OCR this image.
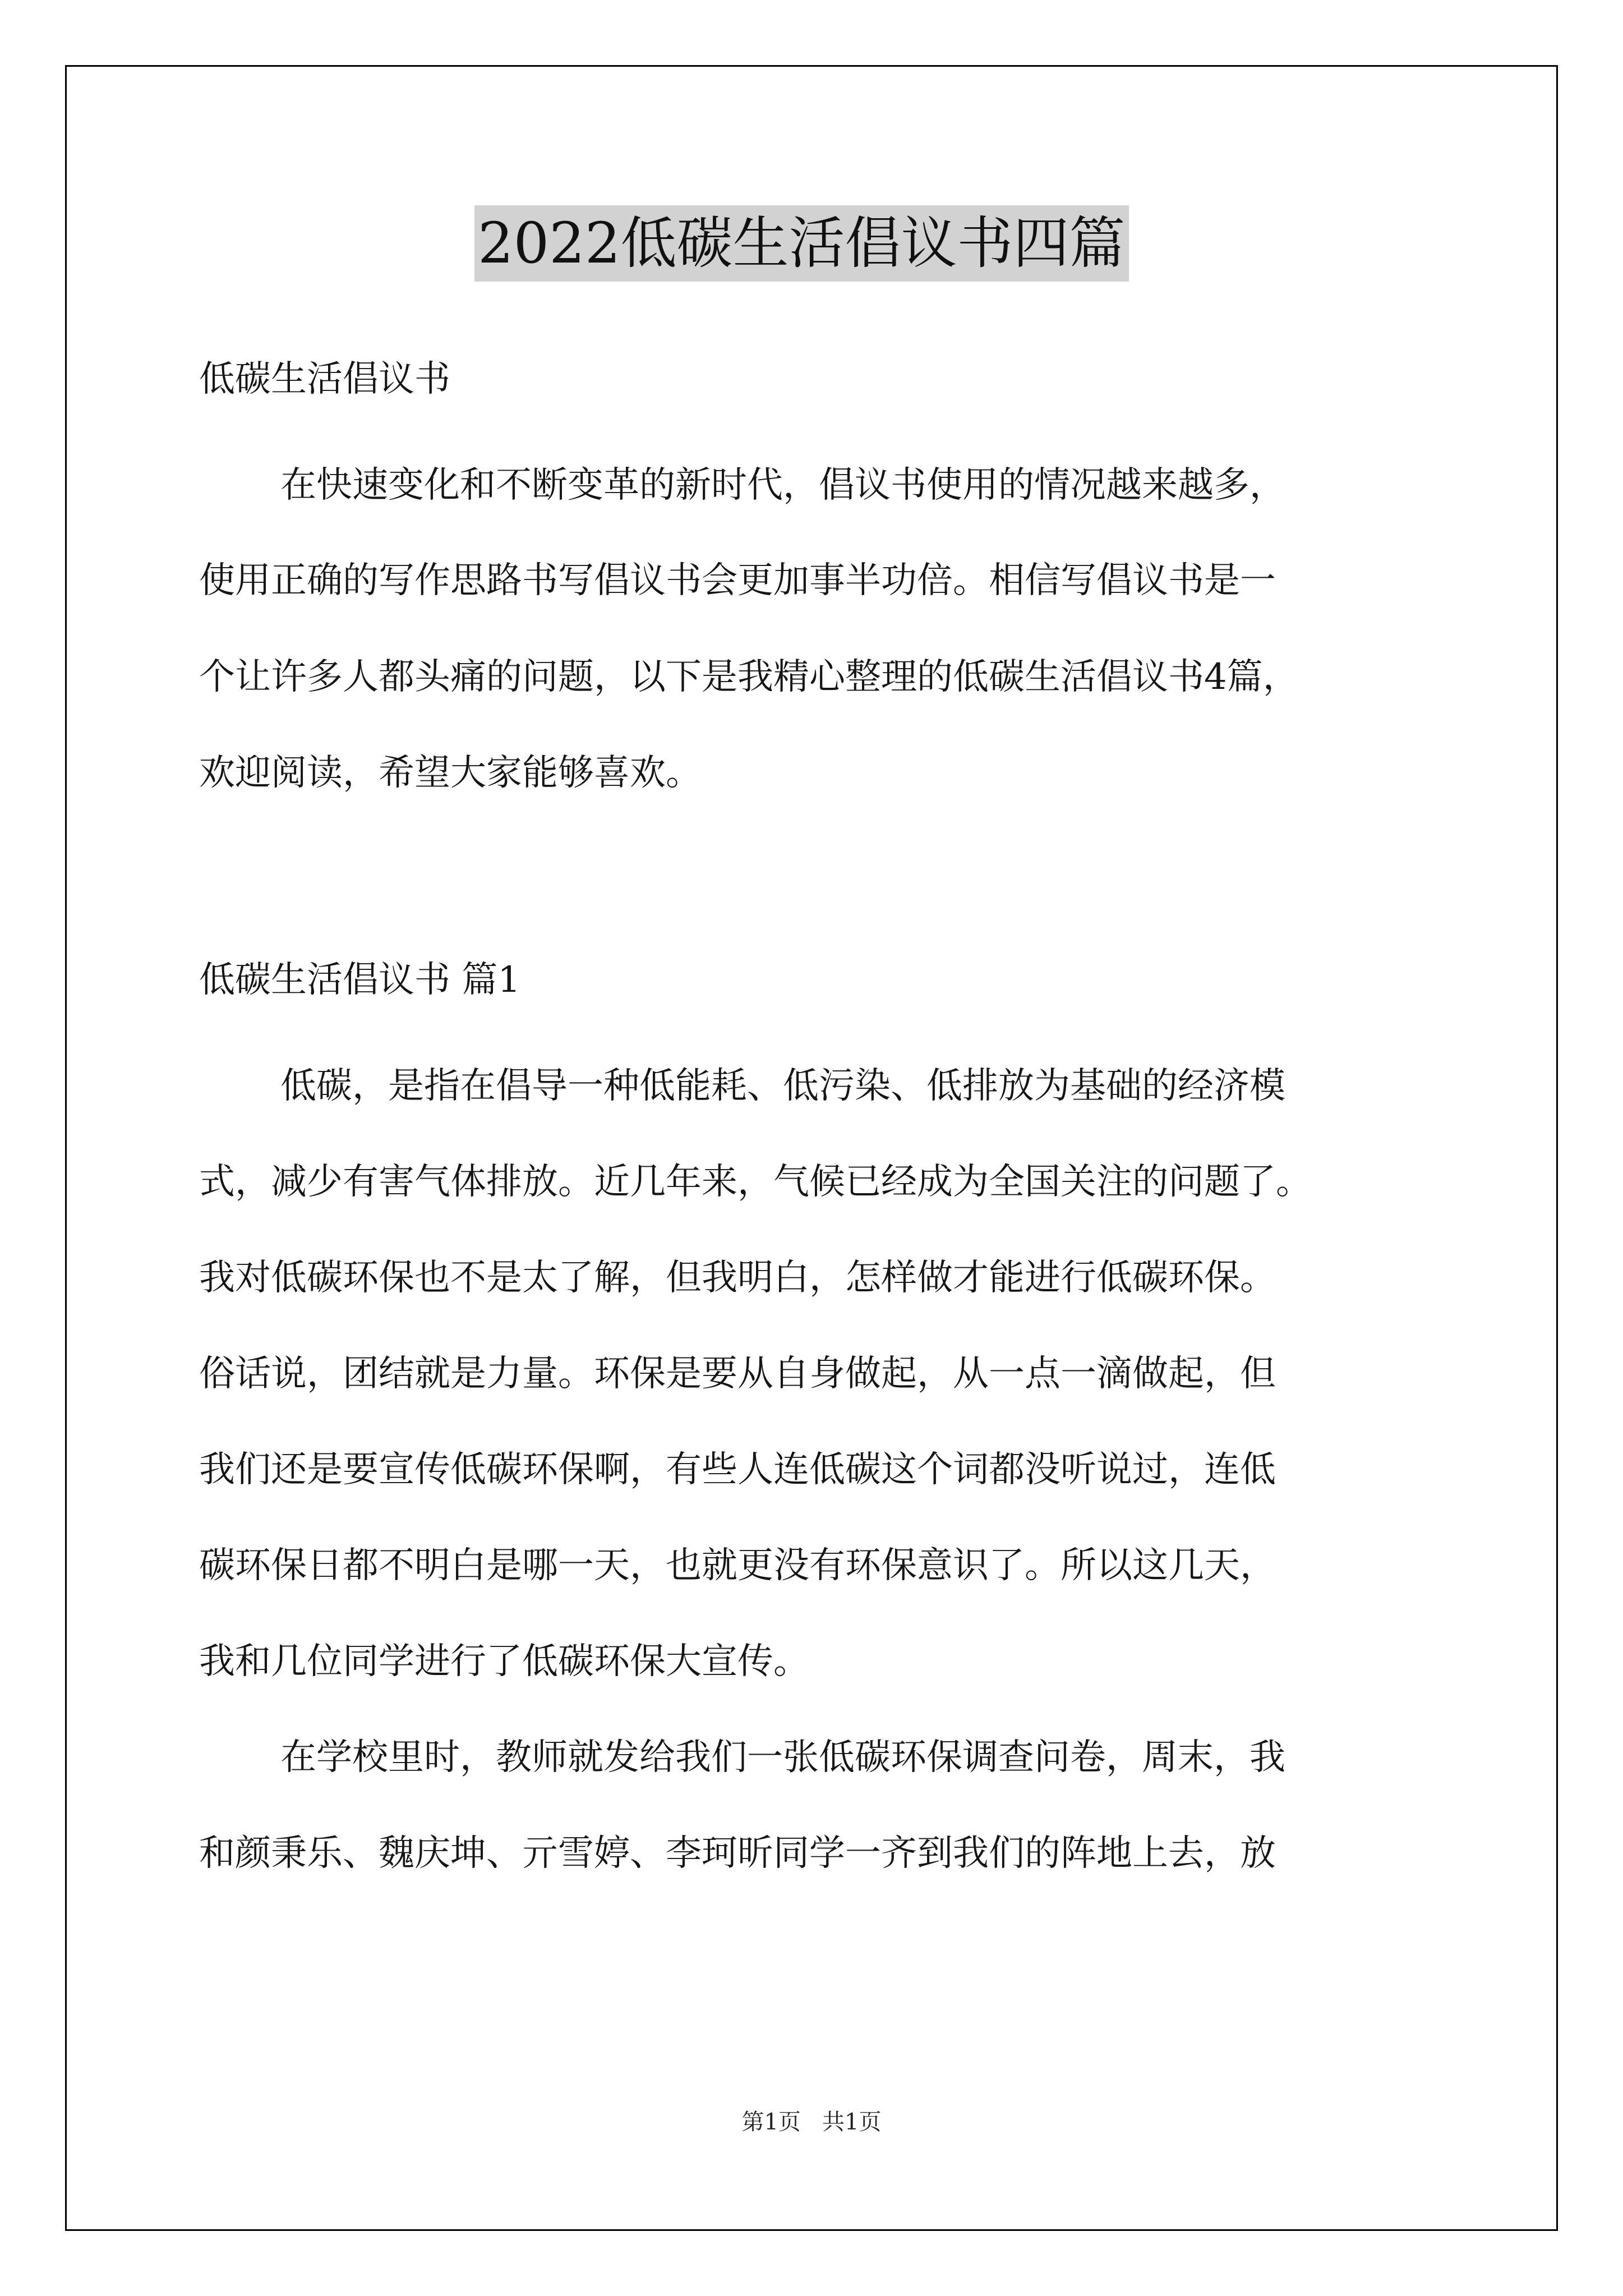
2022低碳生活倡议书四篇
低碳生活倡议书
在快速变化和不断变革的新时代，倡议书使用的情况越来越多，
使用正确的写作思路书写倡议书会更加事半功倍。相信写倡议书是一
个让许多人都头痛的问题，以下是我精心整理的低碳生活倡议书4篇，
欢迎阅读，希望大家能够喜欢。
低碳生活倡议书 篇1
低碳，是指在倡导一种低能耗、低污染、低排放为基础的经济模
式，减少有害气体排放。近几年来，气候已经成为全国关注的问题了。
我对低碳环保也不是太了解，但我明白，怎样做才能进行低碳环保。
俗话说，团结就是力量。环保是要从自身做起，从一点一滴做起，但
我们还是要宣传低碳环保啊，有些人连低碳这个词都没听说过，连低
碳环保日都不明白是哪一天，也就更没有环保意识了。所以这几天，
我和几位同学进行了低碳环保大宣传。
在学校里时，教师就发给我们一张低碳环保调查问卷，周末，我
和颜秉乐、魏庆坤、亓雪婷、李珂昕同学一齐到我们的阵地上去，放
第1页   共1页
